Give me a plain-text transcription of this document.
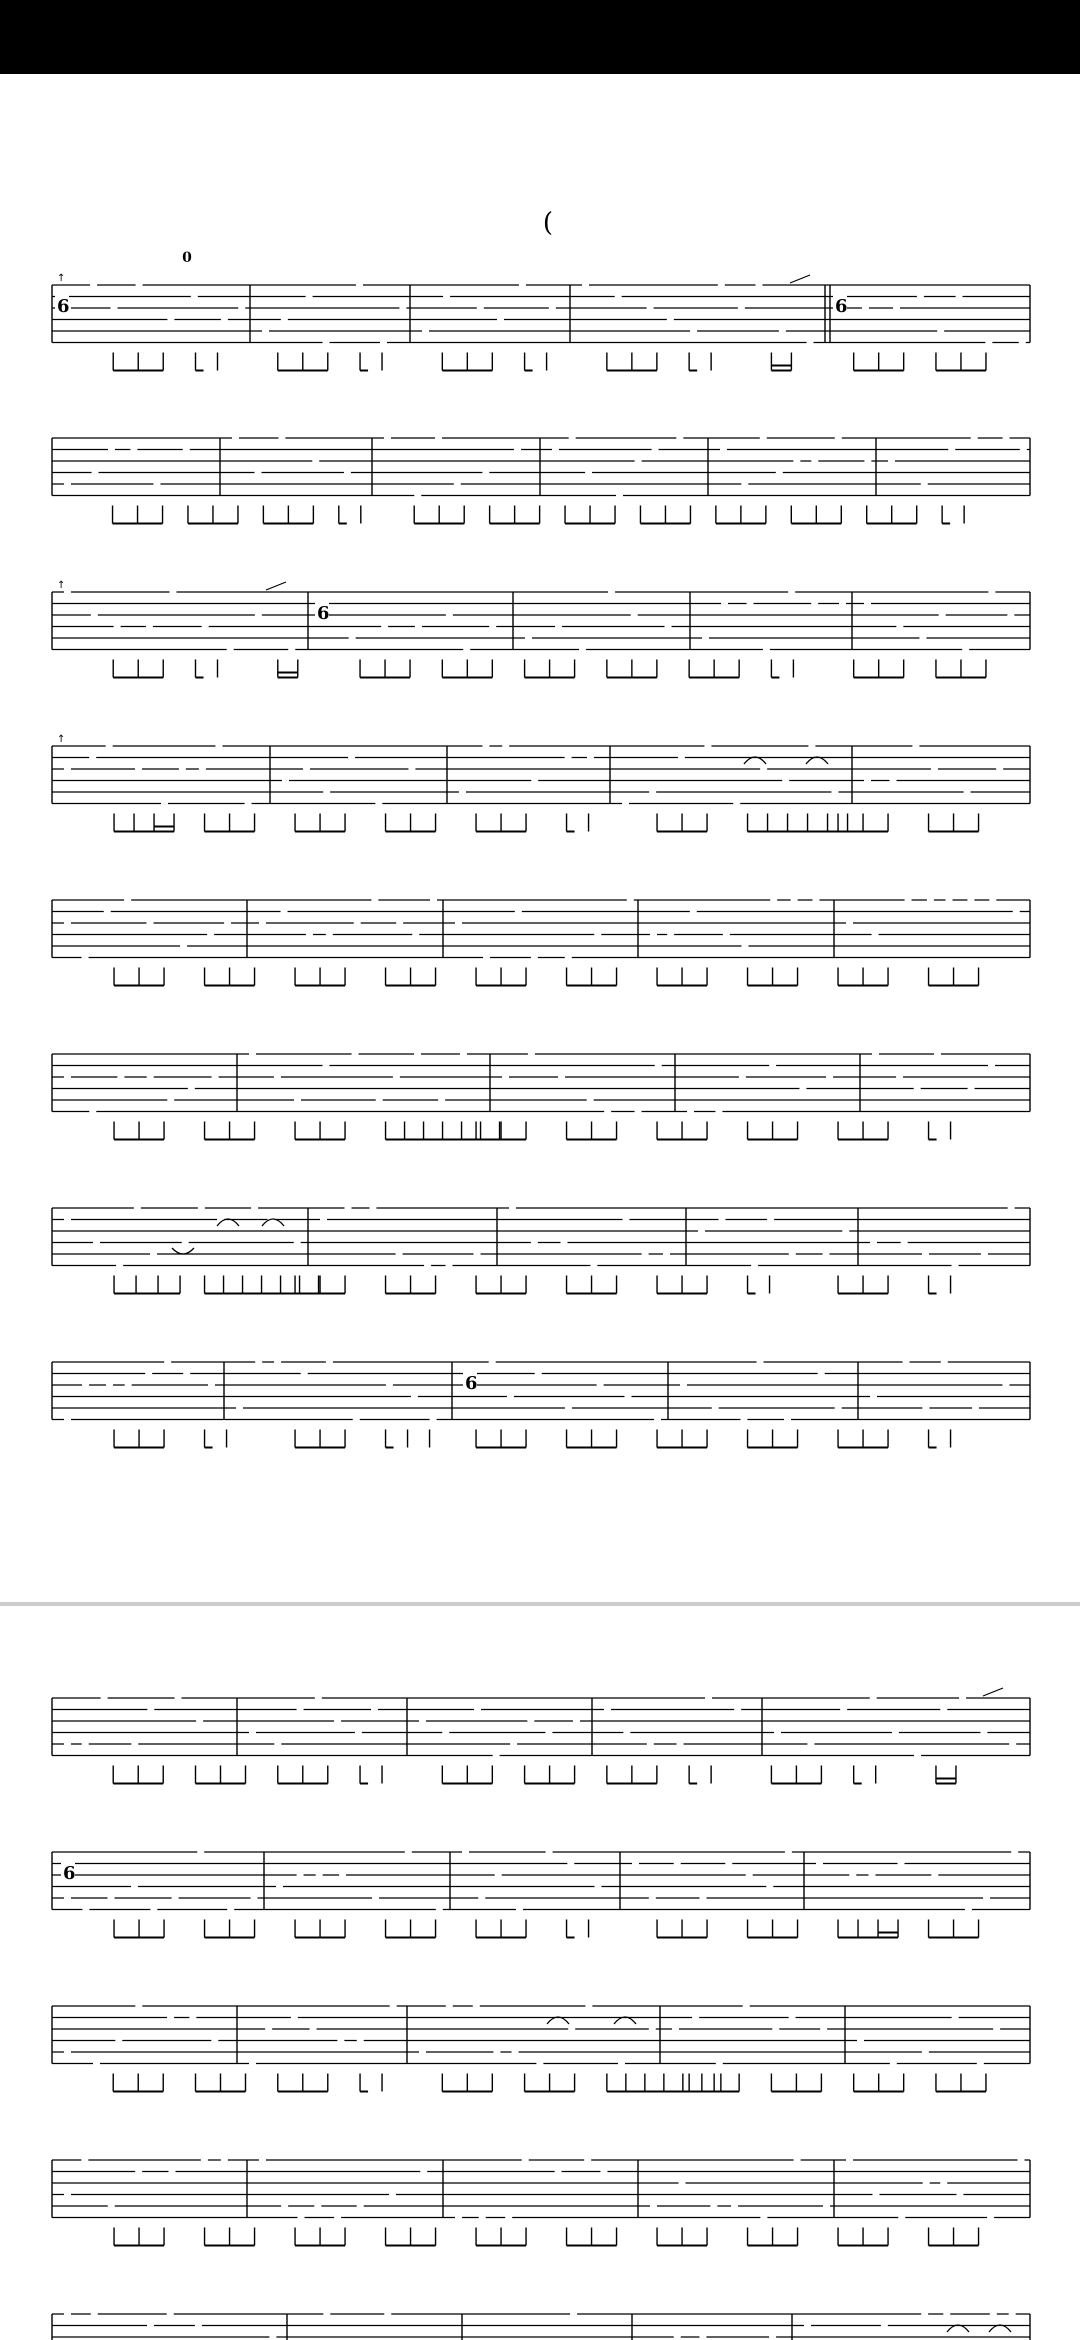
(
0
6	6
↑
6
↑
↑
6
6
